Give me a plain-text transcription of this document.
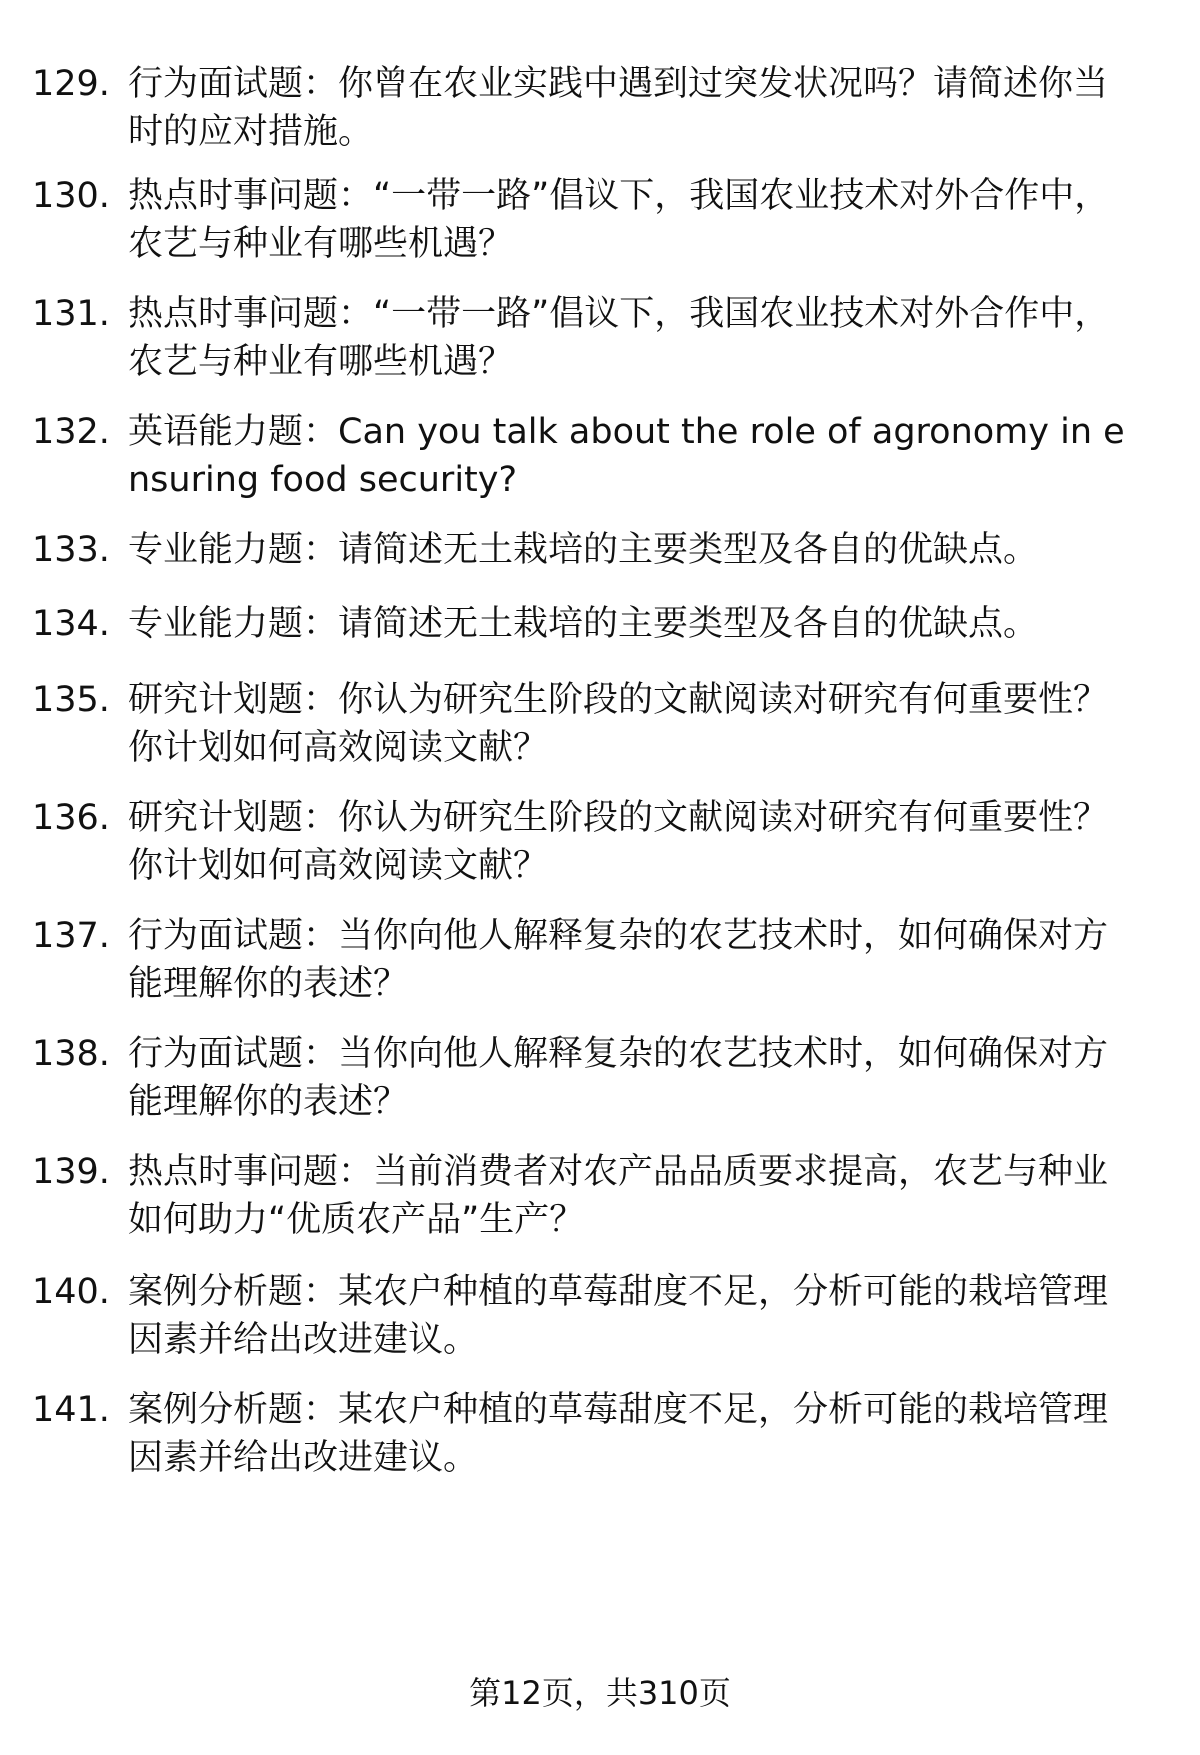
129. 行为面试题：你曾在农业实践中遇到过突发状况吗？请简述你当时的应对措施。
130. 热点时事问题：“一带一路”倡议下，我国农业技术对外合作中，农艺与种业有哪些机遇？
131. 热点时事问题：“一带一路”倡议下，我国农业技术对外合作中，农艺与种业有哪些机遇？
132. 英语能力题：Can you talk about the role of agronomy in ensuring food security?
133. 专业能力题：请简述无土栽培的主要类型及各自的优缺点。
134. 专业能力题：请简述无土栽培的主要类型及各自的优缺点。
135. 研究计划题：你认为研究生阶段的文献阅读对研究有何重要性？你计划如何高效阅读文献？
136. 研究计划题：你认为研究生阶段的文献阅读对研究有何重要性？你计划如何高效阅读文献？
137. 行为面试题：当你向他人解释复杂的农艺技术时，如何确保对方能理解你的表述？
138. 行为面试题：当你向他人解释复杂的农艺技术时，如何确保对方能理解你的表述？
139. 热点时事问题：当前消费者对农产品品质要求提高，农艺与种业如何助力“优质农产品”生产？
140. 案例分析题：某农户种植的草莓甜度不足，分析可能的栽培管理因素并给出改进建议。
141. 案例分析题：某农户种植的草莓甜度不足，分析可能的栽培管理因素并给出改进建议。
第12页，共310页
